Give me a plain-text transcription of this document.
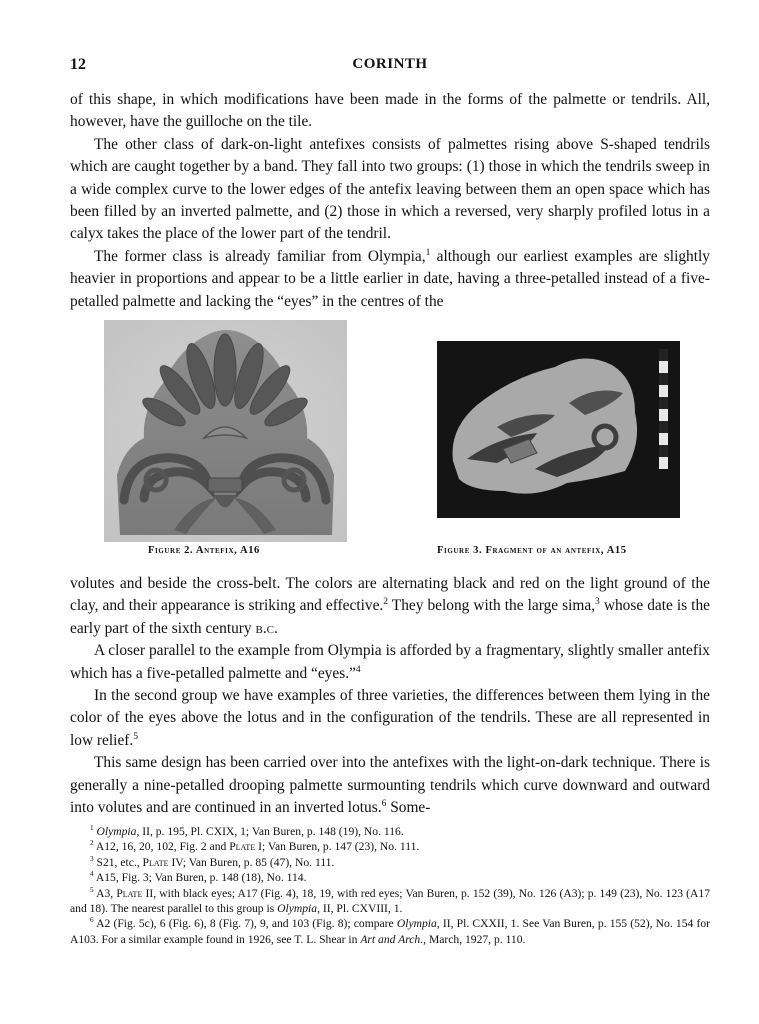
12	CORINTH

of this shape, in which modifications have been made in the forms of the palmette or tendrils. All, however, have the guilloche on the tile.

The other class of dark-on-light antefixes consists of palmettes rising above S-shaped tendrils which are caught together by a band. They fall into two groups: (1) those in which the tendrils sweep in a wide complex curve to the lower edges of the antefix leaving between them an open space which has been filled by an inverted palmette, and (2) those in which a reversed, very sharply profiled lotus in a calyx takes the place of the lower part of the tendril.

The former class is already familiar from Olympia,$^1$ although our earliest examples are slightly heavier in proportions and appear to be a little earlier in date, having a three-petalled instead of a five-petalled palmette and lacking the “eyes” in the centres of the

Figure 2. Antefix, A16	Figure 3. Fragment of an antefix, A15

volutes and beside the cross-belt. The colors are alternating black and red on the light ground of the clay, and their appearance is striking and effective.$^2$ They belong with the large sima,$^3$ whose date is the early part of the sixth century b.c.

A closer parallel to the example from Olympia is afforded by a fragmentary, slightly smaller antefix which has a five-petalled palmette and “eyes.”$^4$

In the second group we have examples of three varieties, the differences between them lying in the color of the eyes above the lotus and in the configuration of the tendrils. These are all represented in low relief.$^5$

This same design has been carried over into the antefixes with the light-on-dark technique. There is generally a nine-petalled drooping palmette surmounting tendrils which curve downward and outward into volutes and are continued in an inverted lotus.$^6$ Some-

$^1$ Olympia, II, p. 195, Pl. CXIX, 1; Van Buren, p. 148 (19), No. 116.

$^2$ A12, 16, 20, 102, Fig. 2 and Plate I; Van Buren, p. 147 (23), No. 111.

$^3$ S21, etc., Plate IV; Van Buren, p. 85 (47), No. 111.

$^4$ A15, Fig. 3; Van Buren, p. 148 (18), No. 114.

$^5$ A3, Plate II, with black eyes; A17 (Fig. 4), 18, 19, with red eyes; Van Buren, p. 152 (39), No. 126 (A3); p. 149 (23), No. 123 (A17 and 18). The nearest parallel to this group is Olympia, II, Pl. CXVIII, 1.

$^6$ A2 (Fig. 5c), 6 (Fig. 6), 8 (Fig. 7), 9, and 103 (Fig. 8); compare Olympia, II, Pl. CXXII, 1. See Van Buren, p. 155 (52), No. 154 for A103. For a similar example found in 1926, see T. L. Shear in Art and Arch., March, 1927, p. 110.
